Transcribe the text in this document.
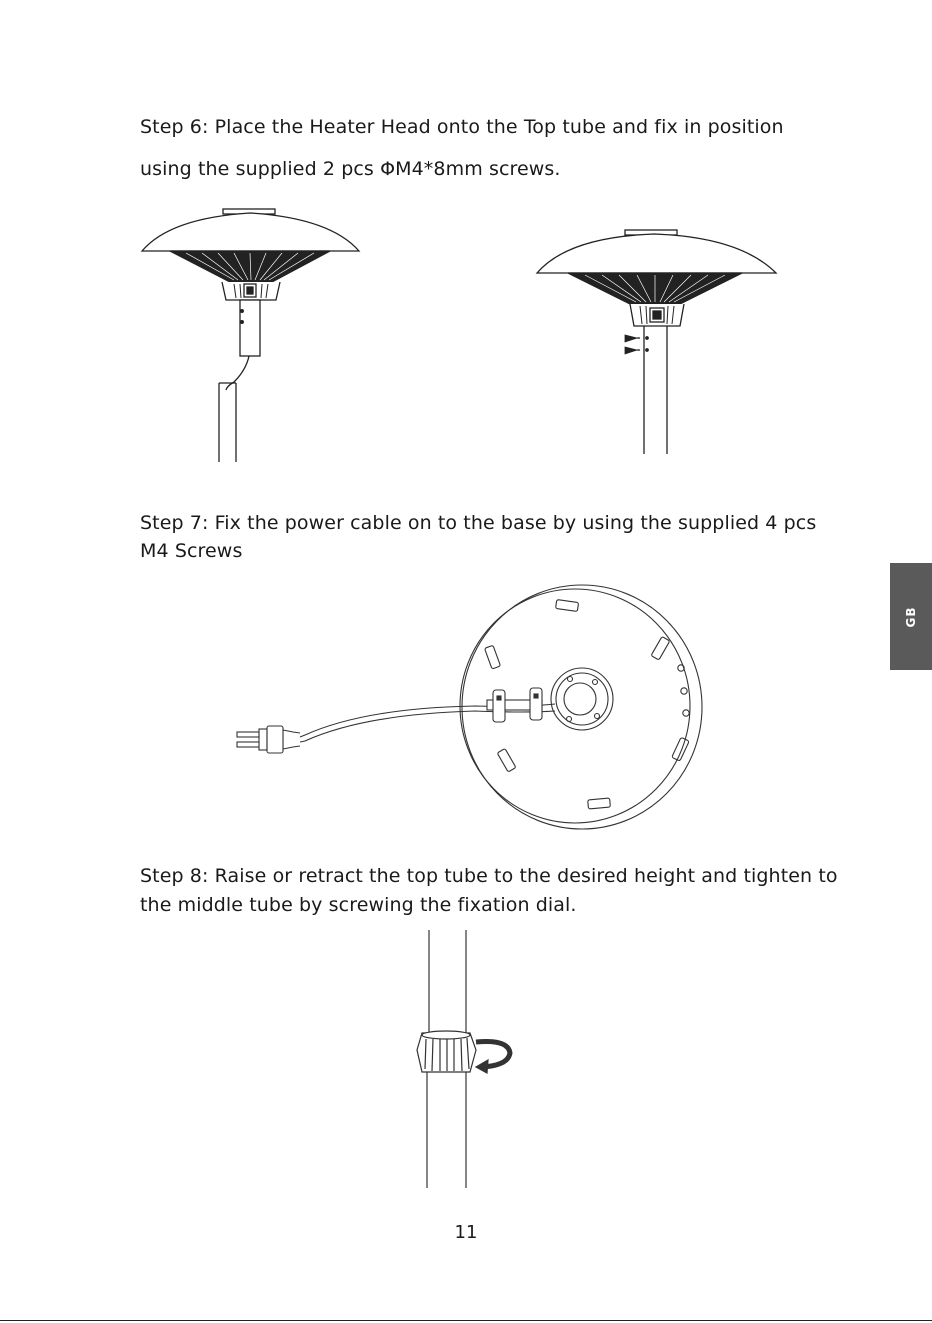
Step 6: Place the Heater Head onto the Top tube and fix in position
using the supplied 2 pcs ΦM4*8mm screws.
Step 7: Fix the power cable on to the base by using the supplied 4 pcs
M4 Screws
Step 8: Raise or retract the top tube to the desired height and tighten to
the middle tube by screwing the fixation dial.
11
GB
